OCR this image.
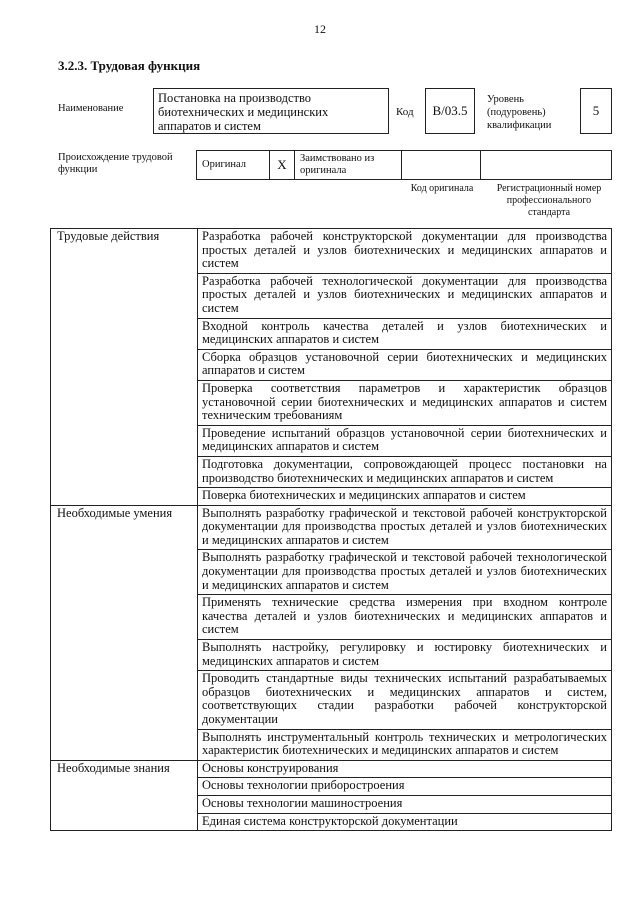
12
3.2.3. Трудовая функция
Наименование
Постановка на производство биотехнических и медицинских аппаратов и систем
Код	В/03.5
Уровень (подуровень) квалификации
5
Происхождение трудовой функции	Оригинал	X	Заимствовано из оригинала		
Код оригинала	Регистрационный номер профессионального стандарта
Трудовые действия	Разработка рабочей конструкторской документации для производства простых деталей и узлов биотехнических и медицинских аппаратов и систем
	Разработка рабочей технологической документации для производства простых деталей и узлов биотехнических и медицинских аппаратов и систем
	Входной контроль качества деталей и узлов биотехнических и медицинских аппаратов и систем
	Сборка образцов установочной серии биотехнических и медицинских аппаратов и систем
	Проверка соответствия параметров и характеристик образцов установочной серии биотехнических и медицинских аппаратов и систем техническим требованиям
	Проведение испытаний образцов установочной серии биотехнических и медицинских аппаратов и систем
	Подготовка документации, сопровождающей процесс постановки на производство биотехнических и медицинских аппаратов и систем
	Поверка биотехнических и медицинских аппаратов и систем
Необходимые умения	Выполнять разработку графической и текстовой рабочей конструкторской документации для производства простых деталей и узлов биотехнических и медицинских аппаратов и систем
	Выполнять разработку графической и текстовой рабочей технологической документации для производства простых деталей и узлов биотехнических и медицинских аппаратов и систем
	Применять технические средства измерения при входном контроле качества деталей и узлов биотехнических и медицинских аппаратов и систем
	Выполнять настройку, регулировку и юстировку биотехнических и медицинских аппаратов и систем
	Проводить стандартные виды технических испытаний разрабатываемых образцов биотехнических и медицинских аппаратов и систем, соответствующих стадии разработки рабочей конструкторской документации
	Выполнять инструментальный контроль технических и метрологических характеристик биотехнических и медицинских аппаратов и систем
Необходимые знания	Основы конструирования
	Основы технологии приборостроения
	Основы технологии машиностроения
	Единая система конструкторской документации
